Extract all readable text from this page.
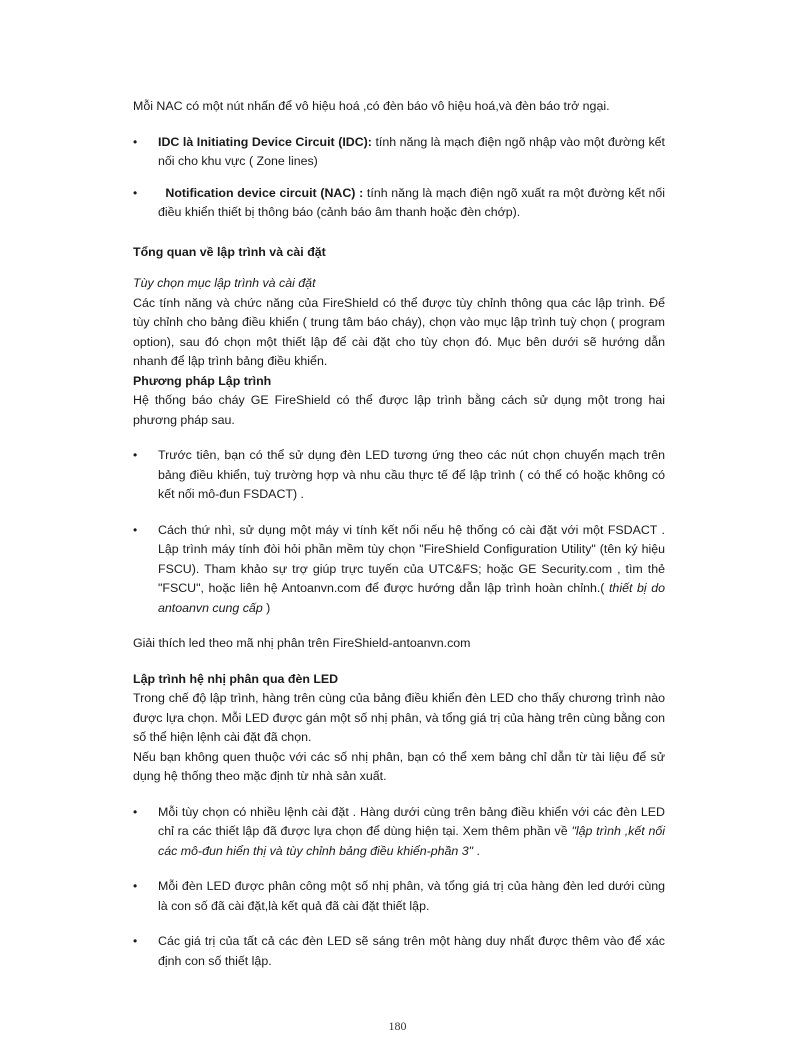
Mỗi NAC có một nút nhấn để vô hiệu hoá ,có đèn báo vô hiệu hoá,và đèn báo trở ngại.

• IDC là Initiating Device Circuit (IDC): tính năng là mạch điện ngõ nhập vào một đường kết nối cho khu vực ( Zone lines)
• Notification device circuit (NAC) : tính năng là mạch điện ngõ xuất ra một đường kết nối điều khiển thiết bị thông báo (cảnh báo âm thanh hoặc đèn chớp).

Tổng quan về lập trình và cài đặt

Tùy chọn mục lập trình và cài đặt

Các tính năng và chức năng của FireShield có thể được tùy chỉnh thông qua các lập trình. Để tùy chỉnh cho bảng điều khiển ( trung tâm báo cháy), chọn vào mục lập trình tuỳ chọn ( program option), sau đó chọn một thiết lập để cài đặt cho tùy chọn đó. Mục bên dưới sẽ hướng dẫn nhanh để lập trình bảng điều khiển.

Phương pháp Lập trình

Hệ thống báo cháy GE FireShield có thể được lập trình bằng cách sử dụng một trong hai phương pháp sau.

• Trước tiên, bạn có thể sử dụng đèn LED tương ứng theo các nút chọn chuyển mạch trên bảng điều khiển, tuỳ trường hợp và nhu cầu thực tế để lập trình ( có thể có hoặc không có kết nối mô-đun FSDACT) .
• Cách thứ nhì, sử dụng một máy vi tính kết nối nếu hệ thống có cài đặt với một FSDACT . Lập trình máy tính đòi hỏi phần mềm tùy chọn "FireShield Configuration Utility" (tên ký hiệu FSCU). Tham khảo sự trợ giúp trực tuyến của UTC&FS; hoặc GE Security.com , tìm thẻ "FSCU", hoặc liên hệ Antoanvn.com để được hướng dẫn lập trình hoàn chỉnh.( thiết bị do antoanvn cung cấp )

Giải thích led theo mã nhị phân trên FireShield-antoanvn.com

Lập trình hệ nhị phân qua đèn LED

Trong chế độ lập trình, hàng trên cùng của bảng điều khiển đèn LED cho thấy chương trình nào được lựa chọn. Mỗi LED được gán một số nhị phân, và tổng giá trị của hàng trên cùng bằng con số thể hiện lệnh cài đặt đã chọn.

Nếu bạn không quen thuộc với các số nhị phân, bạn có thể xem bảng chỉ dẫn từ tài liệu để sử dụng hệ thống theo mặc định từ nhà sản xuất.

• Mỗi tùy chọn có nhiều lệnh cài đặt . Hàng dưới cùng trên bảng điều khiển với các đèn LED chỉ ra các thiết lập đã được lựa chọn để dùng hiện tại. Xem thêm phần về "lập trình ,kết nối các mô-đun hiển thị và tùy chỉnh bảng điều khiển-phần 3" .
• Mỗi đèn LED được phân công một số nhị phân, và tổng giá trị của hàng đèn led dưới cùng là con số đã cài đặt,là kết quả đã cài đặt thiết lập.
• Các giá trị của tất cả các đèn LED sẽ sáng trên một hàng duy nhất được thêm vào để xác định con số thiết lập.
180
